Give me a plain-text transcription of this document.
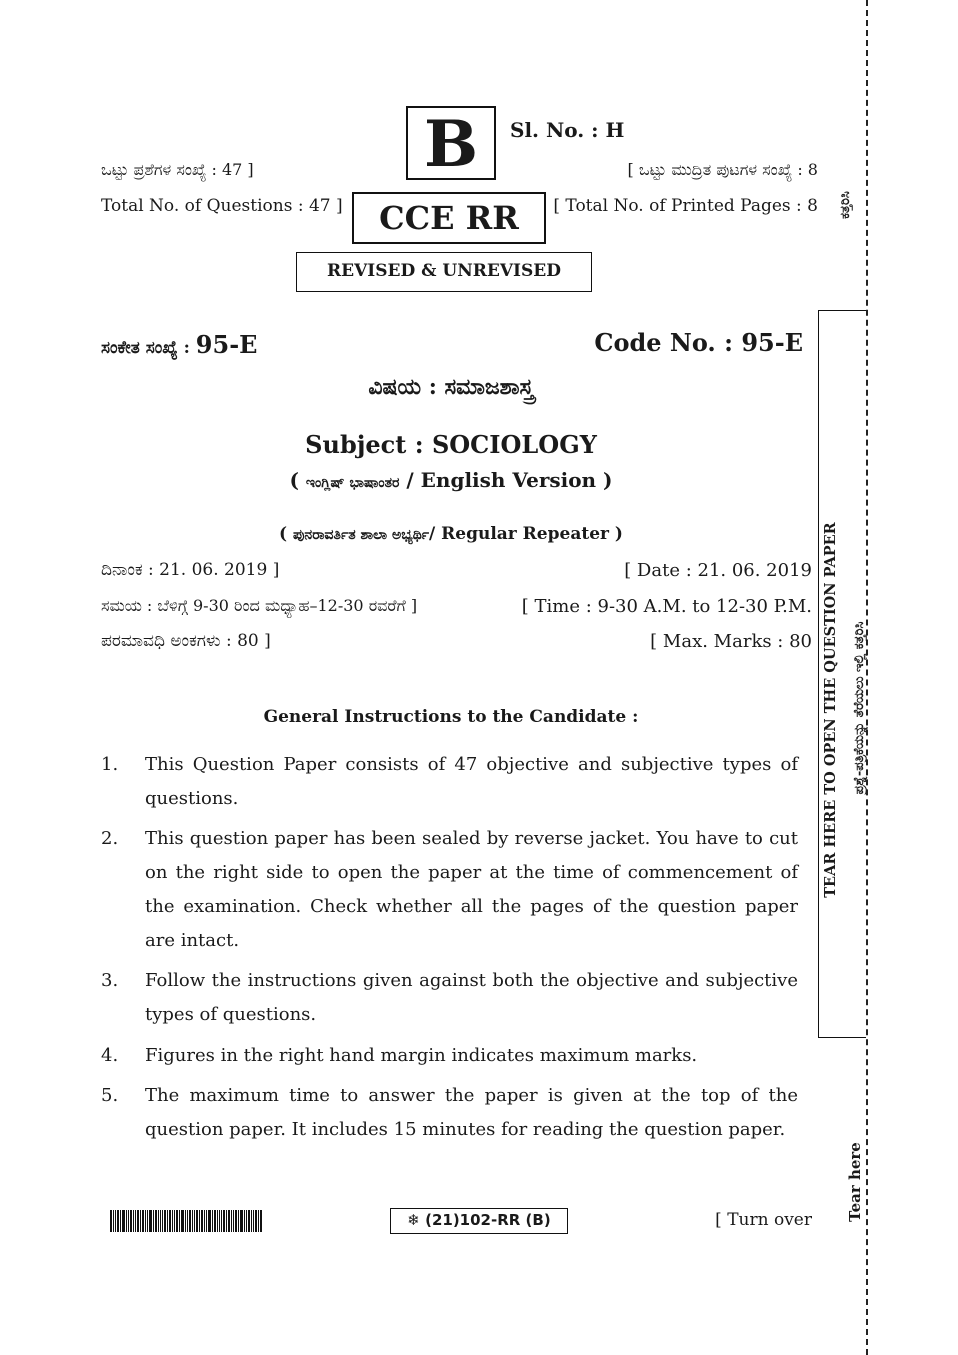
B	Sl. No. : H
ಒಟ್ಟು ಪ್ರಶೆಗಳ ಸಂಖ್ಯೆ : 47 ]
Total No. of Questions : 47 ]
[ ಒಟ್ಟು ಮುದ್ರಿತ ಪುಟಗಳ ಸಂಖ್ಯೆ : 8
[ Total No. of Printed Pages : 8
CCE RR
REVISED & UNREVISED
ಸಂಕೇತ ಸಂಖ್ಯೆ : 95-E	Code No. : 95-E
ವಿಷಯ : ಸಮಾಜಶಾಸ್ತ್ರ
Subject : SOCIOLOGY
( ಇಂಗ್ಲಿಷ್ ಭಾಷಾಂತರ / English Version )
( ಪುನರಾವರ್ತಿತ ಶಾಲಾ ಅಭ್ಯರ್ಥಿ/ Regular Repeater )
ದಿನಾಂಕ : 21. 06. 2019 ]	[ Date : 21. 06. 2019
ಸಮಯ : ಬೆಳಿಗ್ಗೆ 9-30 ರಿಂದ ಮಧ್ಯಾಹ–12-30 ರವರೆಗೆ ]	[ Time : 9-30 A.M. to 12-30 P.M.
ಪರಮಾವಧಿ ಅಂಕಗಳು : 80 ]	[ Max. Marks : 80
General Instructions to the Candidate :
1. This Question Paper consists of 47 objective and subjective types of questions.
2. This question paper has been sealed by reverse jacket. You have to cut on the right side to open the paper at the time of commencement of the examination. Check whether all the pages of the question paper are intact.
3. Follow the instructions given against both the objective and subjective types of questions.
4. Figures in the right hand margin indicates maximum marks.
5. The maximum time to answer the paper is given at the top of the question paper. It includes 15 minutes for reading the question paper.
❄ (21)102-RR (B)	[ Turn over
TEAR HERE TO OPEN THE QUESTION PAPER ಪ್ರಶ್ನೆ-ಪತ್ರಿಕೆಯನ್ನು ತೆರೆಯಲು ಇಲ್ಲಿ ಕತ್ತರಿಸಿ
ಕತ್ತರಿಸಿ
Tear here
